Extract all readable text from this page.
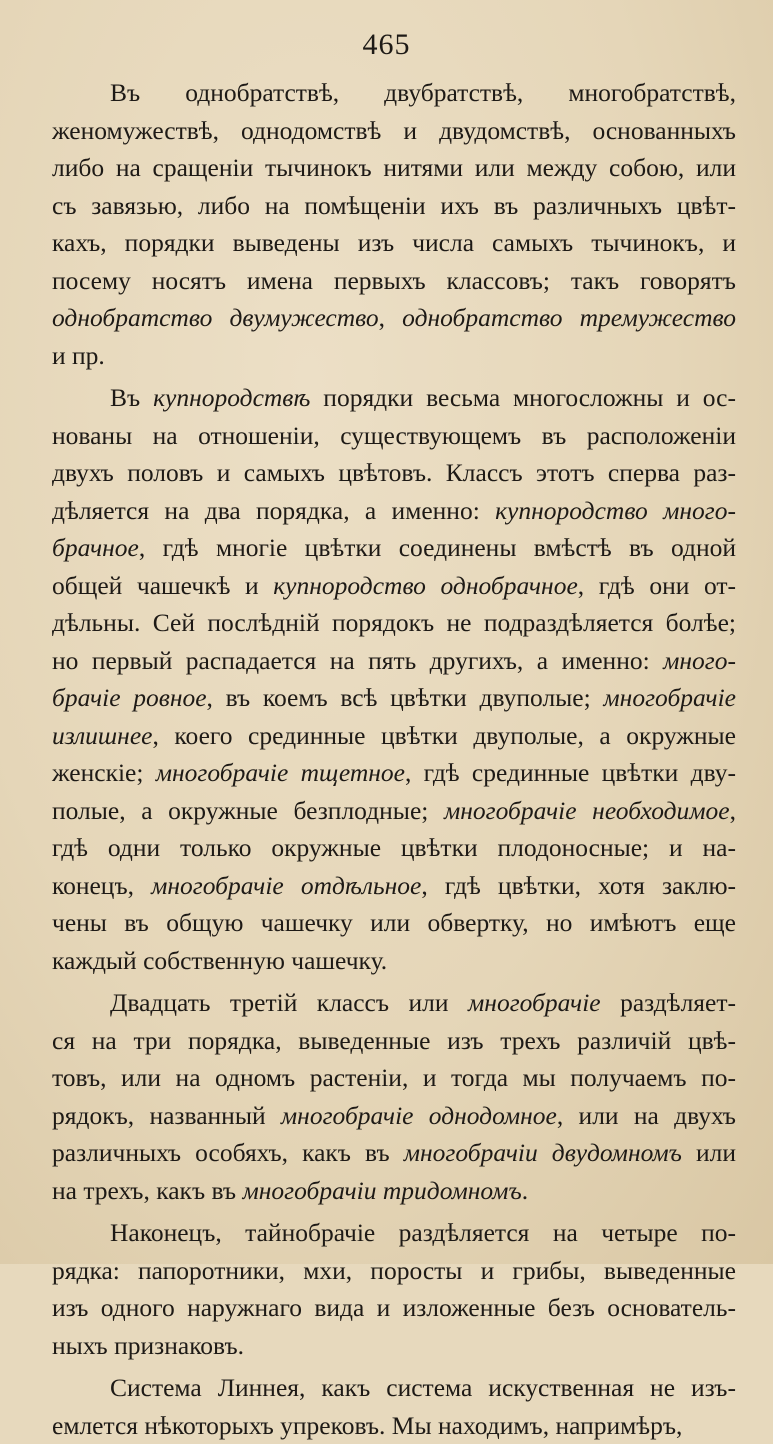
465
Въ однобратствѣ, двубратствѣ, многобратствѣ,
женомужествѣ, однодомствѣ и двудомствѣ, основанныхъ
либо на сращеніи тычинокъ нитями или между собою, или
съ завязью, либо на помѣщеніи ихъ въ различныхъ цвѣт-
кахъ, порядки выведены изъ числа самыхъ тычинокъ, и
посему носятъ имена первыхъ классовъ; такъ говорятъ
однобратство двумужество, однобратство тремужество
и пр.
Въ купнородствѣ порядки весьма многосложны и ос-
нованы на отношеніи, существующемъ въ расположеніи
двухъ половъ и самыхъ цвѣтовъ. Классъ этотъ сперва раз-
дѣляется на два порядка, а именно: купнородство много-
брачное, гдѣ многіе цвѣтки соединены вмѣстѣ въ одной
общей чашечкѣ и купнородство однобрачное, гдѣ они от-
дѣльны. Сей послѣдній порядокъ не подраздѣляется болѣе;
но первый распадается на пять другихъ, а именно: много-
брачіе ровное, въ коемъ всѣ цвѣтки двуполые; многобрачіе
излишнее, коего срединные цвѣтки двуполые, а окружные
женскіе; многобрачіе тщетное, гдѣ срединные цвѣтки дву-
полые, а окружные безплодные; многобрачіе необходимое,
гдѣ одни только окружные цвѣтки плодоносные; и на-
конецъ, многобрачіе отдѣльное, гдѣ цвѣтки, хотя заклю-
чены въ общую чашечку или обвертку, но имѣютъ еще
каждый собственную чашечку.
Двадцать третій классъ или многобрачіе раздѣляет-
ся на три порядка, выведенные изъ трехъ различій цвѣ-
товъ, или на одномъ растеніи, и тогда мы получаемъ по-
рядокъ, названный многобрачіе однодомное, или на двухъ
различныхъ особяхъ, какъ въ многобрачіи двудомномъ или
на трехъ, какъ въ многобрачіи тридомномъ.
Наконецъ, тайнобрачіе раздѣляется на четыре по-
рядка: папоротники, мхи, поросты и грибы, выведенные
изъ одного наружнаго вида и изложенные безъ основатель-
ныхъ признаковъ.
Система Линнея, какъ система искуственная не изъ-
емлется нѣкоторыхъ упрековъ. Мы находимъ, напримѣръ,
